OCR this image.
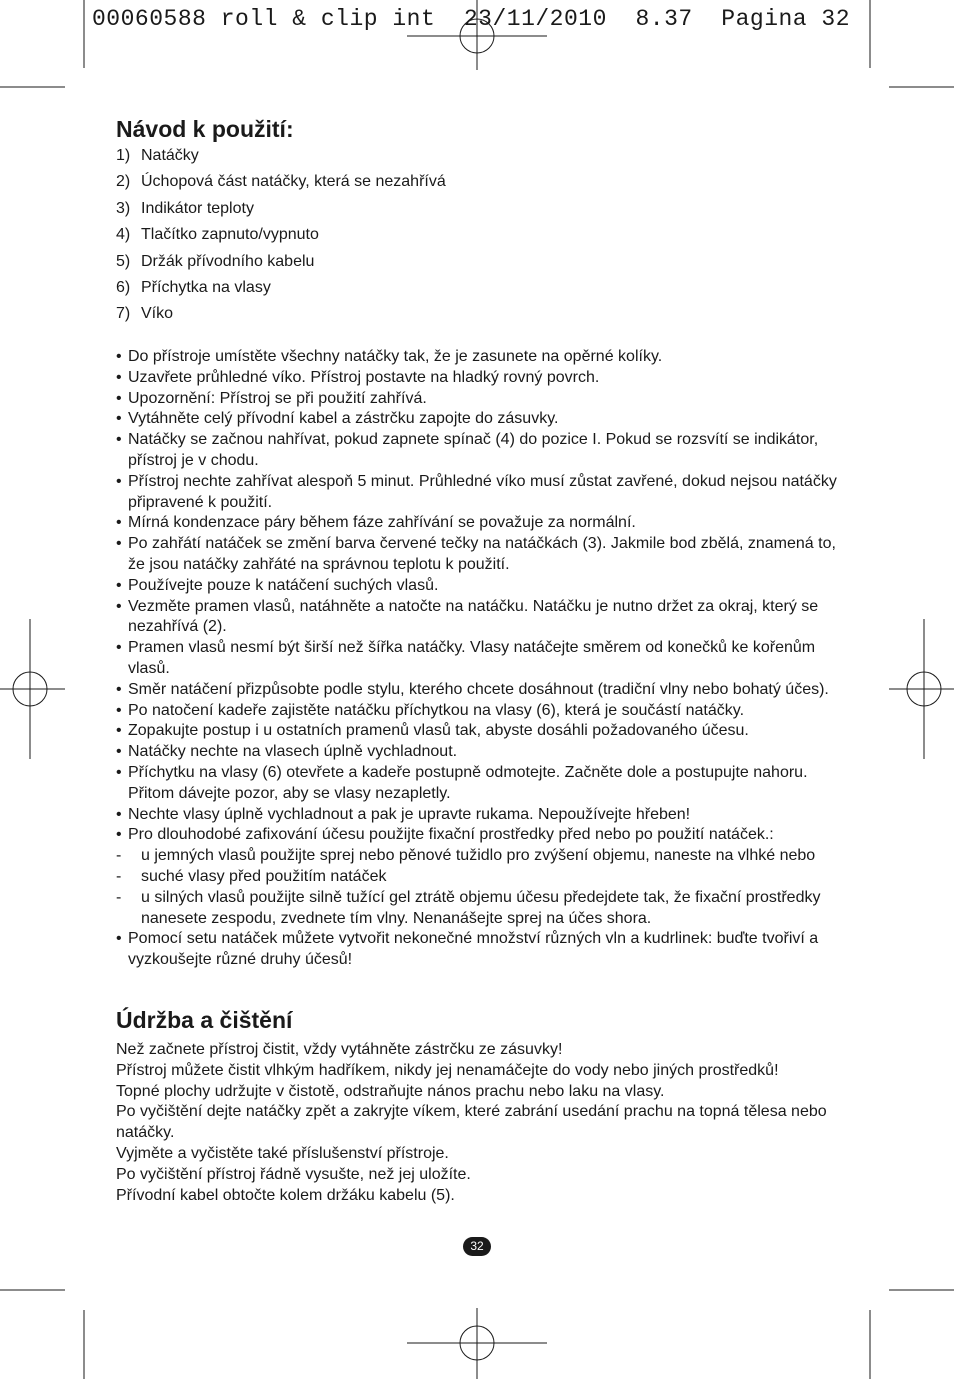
00060588 roll & clip int  23/11/2010  8.37  Pagina 32
Návod k použití:
1) Natáčky
2) Úchopová část natáčky, která se nezahřívá
3) Indikátor teploty
4) Tlačítko zapnuto/vypnuto
5) Držák přívodního kabelu
6) Příchytka na vlasy
7) Víko
• Do přístroje umístěte všechny natáčky tak, že je zasunete na opěrné kolíky.
• Uzavřete průhledné víko. Přístroj postavte na hladký rovný povrch.
• Upozornění: Přístroj se při použití zahřívá.
• Vytáhněte celý přívodní kabel a zástrčku zapojte do zásuvky.
• Natáčky se začnou nahřívat, pokud zapnete spínač (4) do pozice I. Pokud se rozsvítí se indikátor, přístroj je v chodu.
• Přístroj nechte zahřívat alespoň 5 minut. Průhledné víko musí zůstat zavřené, dokud nejsou natáčky připravené k použití.
• Mírná kondenzace páry během fáze zahřívání se považuje za normální.
• Po zahřátí natáček se změní barva červené tečky na natáčkách (3). Jakmile bod zbělá, znamená to, že jsou natáčky zahřáté na správnou teplotu k použití.
• Používejte pouze k natáčení suchých vlasů.
• Vezměte pramen vlasů, natáhněte a natočte na natáčku. Natáčku je nutno držet za okraj, který se nezahřívá (2).
• Pramen vlasů nesmí být širší než šířka natáčky. Vlasy natáčejte směrem od konečků ke kořenům vlasů.
• Směr natáčení přizpůsobte podle stylu, kterého chcete dosáhnout (tradiční vlny nebo bohatý účes).
• Po natočení kadeře zajistěte natáčku příchytkou na vlasy (6), která je součástí natáčky.
• Zopakujte postup i u ostatních pramenů vlasů tak, abyste dosáhli požadovaného účesu.
• Natáčky nechte na vlasech úplně vychladnout.
• Příchytku na vlasy (6) otevřete a kadeře postupně odmotejte. Začněte dole a postupujte nahoru. Přitom dávejte pozor, aby se vlasy nezapletly.
• Nechte vlasy úplně vychladnout a pak je upravte rukama. Nepoužívejte hřeben!
• Pro dlouhodobé zafixování účesu použijte fixační prostředky před nebo po použití natáček.:
- u jemných vlasů použijte sprej nebo pěnové tužidlo pro zvýšení objemu, naneste na vlhké nebo
- suché vlasy před použitím natáček
- u silných vlasů použijte silně tužící gel ztrátě objemu účesu předejdete tak, že fixační prostředky nanesete zespodu, zvednete tím vlny. Nenanášejte sprej na účes shora.
• Pomocí setu natáček můžete vytvořit nekonečné množství různých vln a kudrlinek: buďte tvořiví a vyzkoušejte různé druhy účesů!
Údržba a čištění

Než začnete přístroj čistit, vždy vytáhněte zástrčku ze zásuvky!

Přístroj můžete čistit vlhkým hadříkem, nikdy jej nenamáčejte do vody nebo jiných prostředků!

Topné plochy udržujte v čistotě, odstraňujte nános prachu nebo laku na vlasy.

Po vyčištění dejte natáčky zpět a zakryjte víkem, které zabrání usedání prachu na topná tělesa nebo natáčky.

Vyjměte a vyčistěte také příslušenství přístroje.

Po vyčištění přístroj řádně vysušte, než jej uložíte.

Přívodní kabel obtočte kolem držáku kabelu (5).

32
